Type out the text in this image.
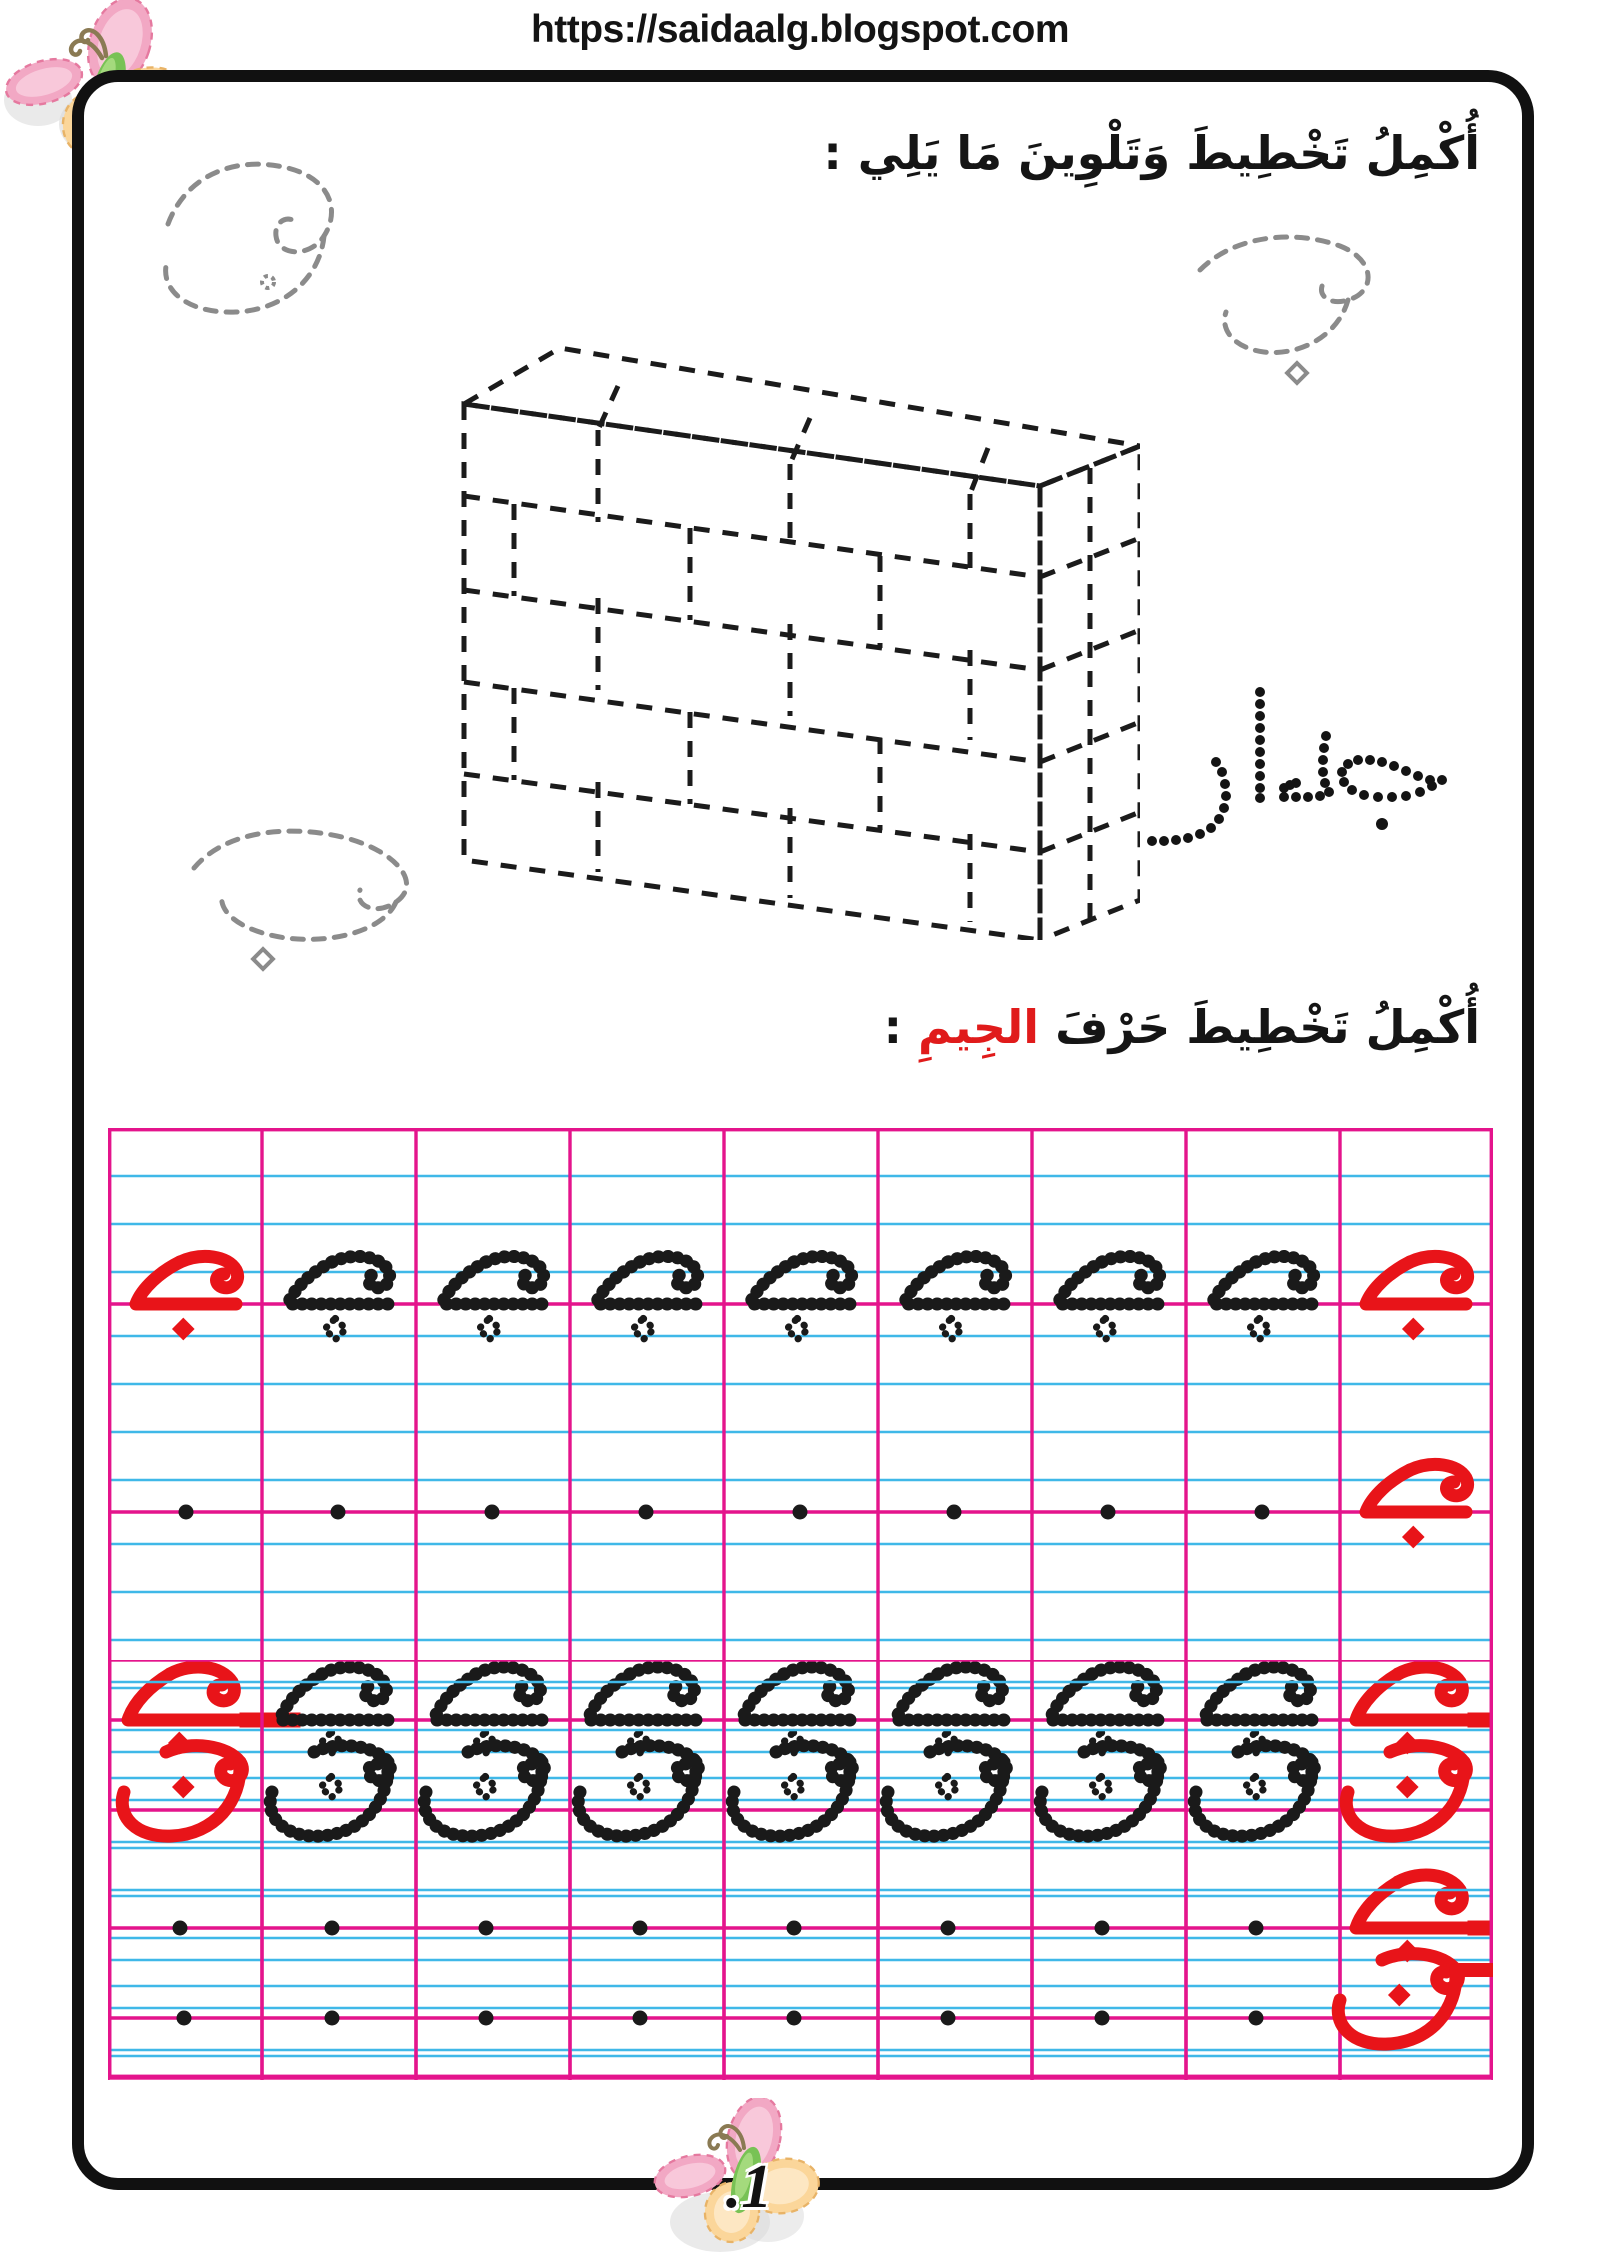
https://saidaalg.blogspot.com
أُكْمِلُ تَخْطِيطَ وَتَلْوِينَ مَا يَلِي :
أُكْمِلُ تَخْطِيطَ حَرْفَ الجِيمِ :
1.
